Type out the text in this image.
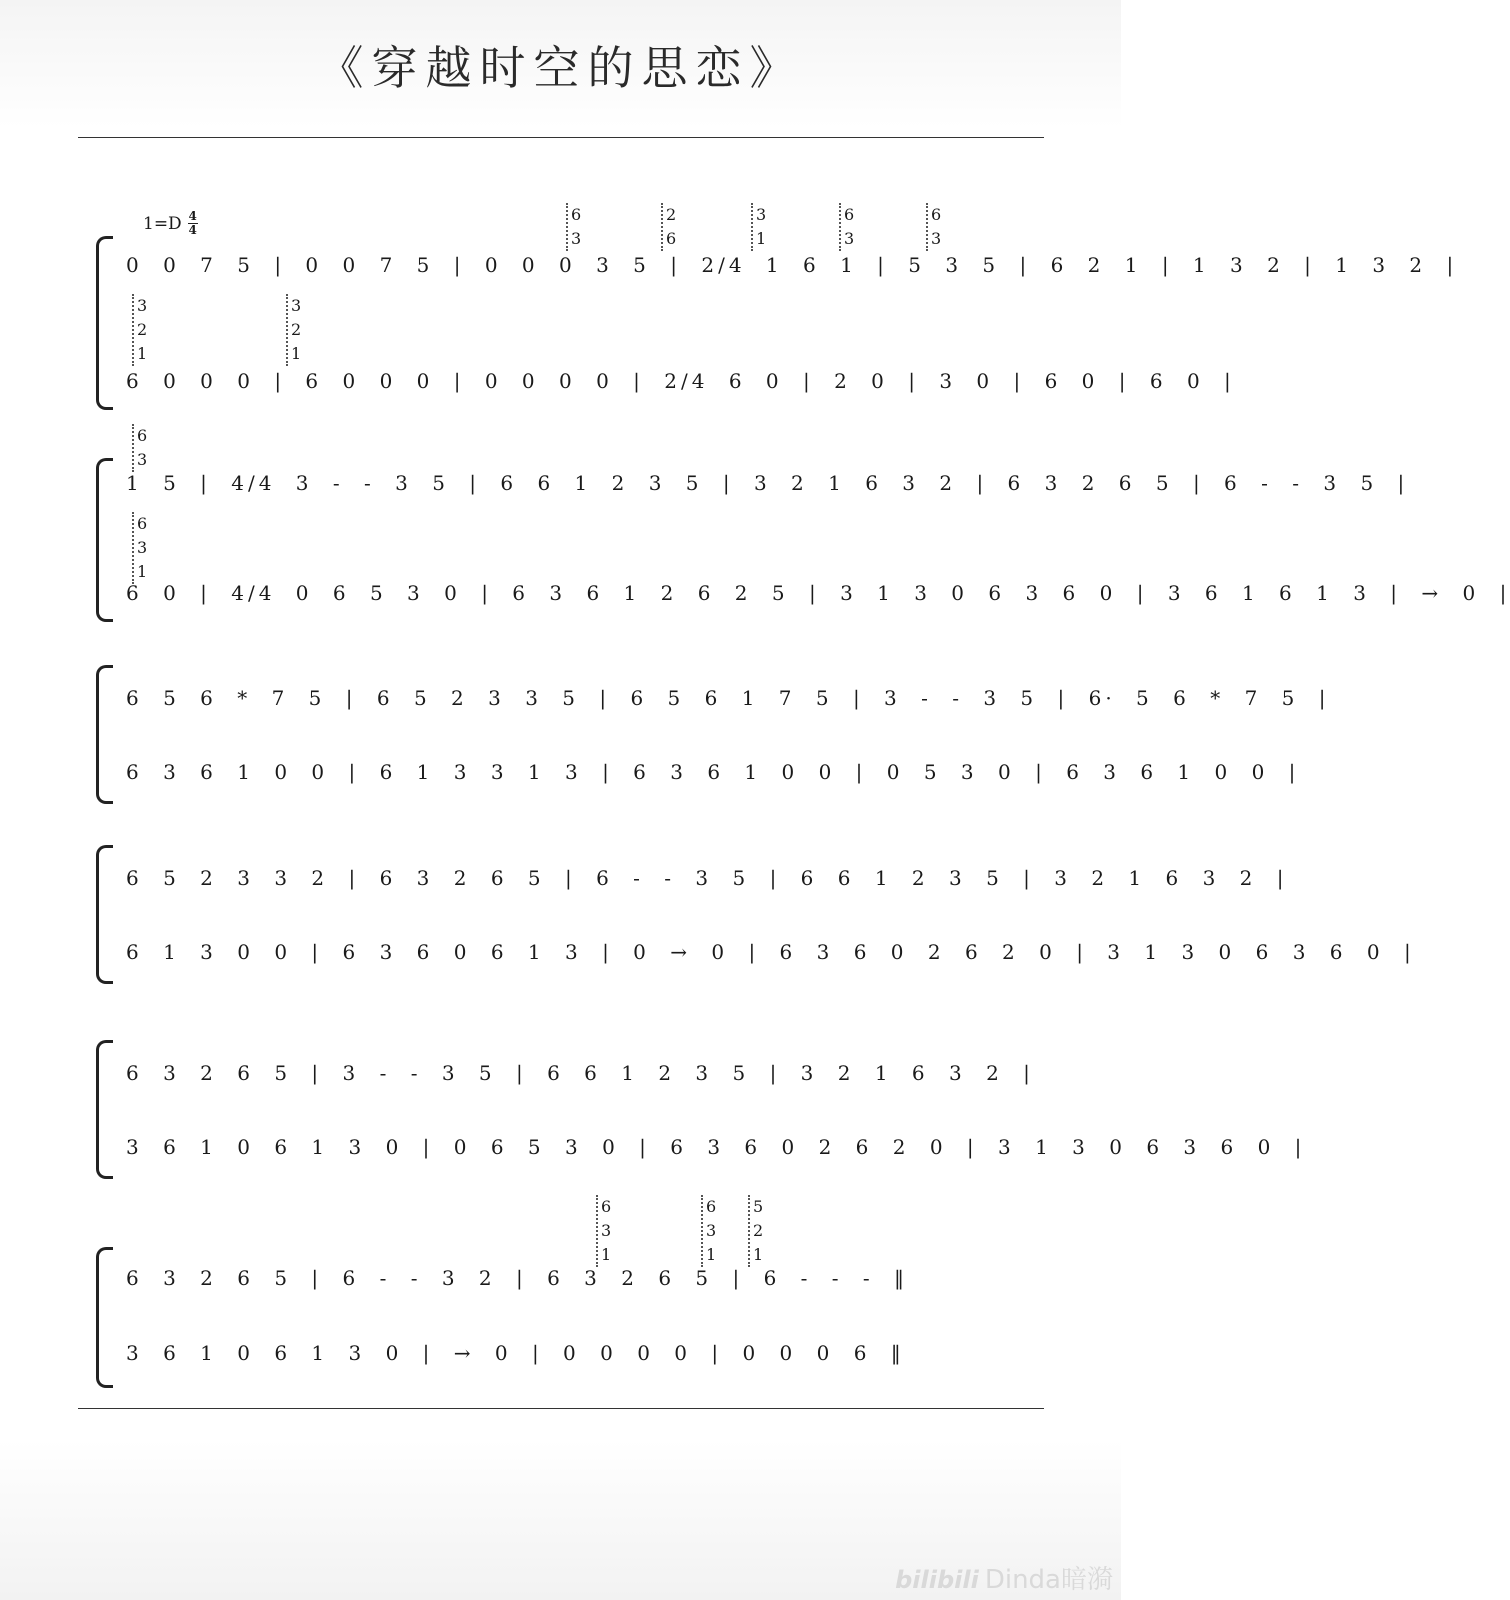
《穿越时空的思恋》
1=D 4
4
6
3
2
6
3
1
6
3
6
3
0 0 7 5 | 0 0 7 5 | 0 0 0 3 5 | 2/4 1 6 1 | 5 3 5 | 6 2 1 | 1 3 2 | 1 3 2 |
3
2
1
3
2
1
6 0 0 0 | 6 0 0 0 | 0 0 0 0 | 2/4 6 0 | 2 0 | 3 0 | 6 0 | 6 0 |
6
3
1 5 | 4/4 3 - - 3 5 | 6 6 1 2 3 5 | 3 2 1 6 3 2 | 6 3 2 6 5 | 6 - - 3 5 |
6
3
1
6 0 | 4/4 0 6 5 3 0 | 6 3 6 1 2 6 2 5 | 3 1 3 0 6 3 6 0 | 3 6 1 6 1 3 | → 0 |
6 5 6 * 7 5 | 6 5 2 3 3 5 | 6 5 6 1 7 5 | 3 - - 3 5 | 6· 5 6 * 7 5 |
6 3 6 1 0 0 | 6 1 3 3 1 3 | 6 3 6 1 0 0 | 0 5 3 0 | 6 3 6 1 0 0 |
6 5 2 3 3 2 | 6 3 2 6 5 | 6 - - 3 5 | 6 6 1 2 3 5 | 3 2 1 6 3 2 |
6 1 3 0 0 | 6 3 6 0 6 1 3 | 0 → 0 | 6 3 6 0 2 6 2 0 | 3 1 3 0 6 3 6 0 |
6 3 2 6 5 | 3 - - 3 5 | 6 6 1 2 3 5 | 3 2 1 6 3 2 |
3 6 1 0 6 1 3 0 | 0 6 5 3 0 | 6 3 6 0 2 6 2 0 | 3 1 3 0 6 3 6 0 |
6
3
1
6
3
1
5
2
1
6 3 2 6 5 | 6 - - 3 2 | 6 3 2 6 5 | 6 - - - ‖
3 6 1 0 6 1 3 0 | → 0 | 0 0 0 0 | 0 0 0 6 ‖
bilibili Dinda暗漪
